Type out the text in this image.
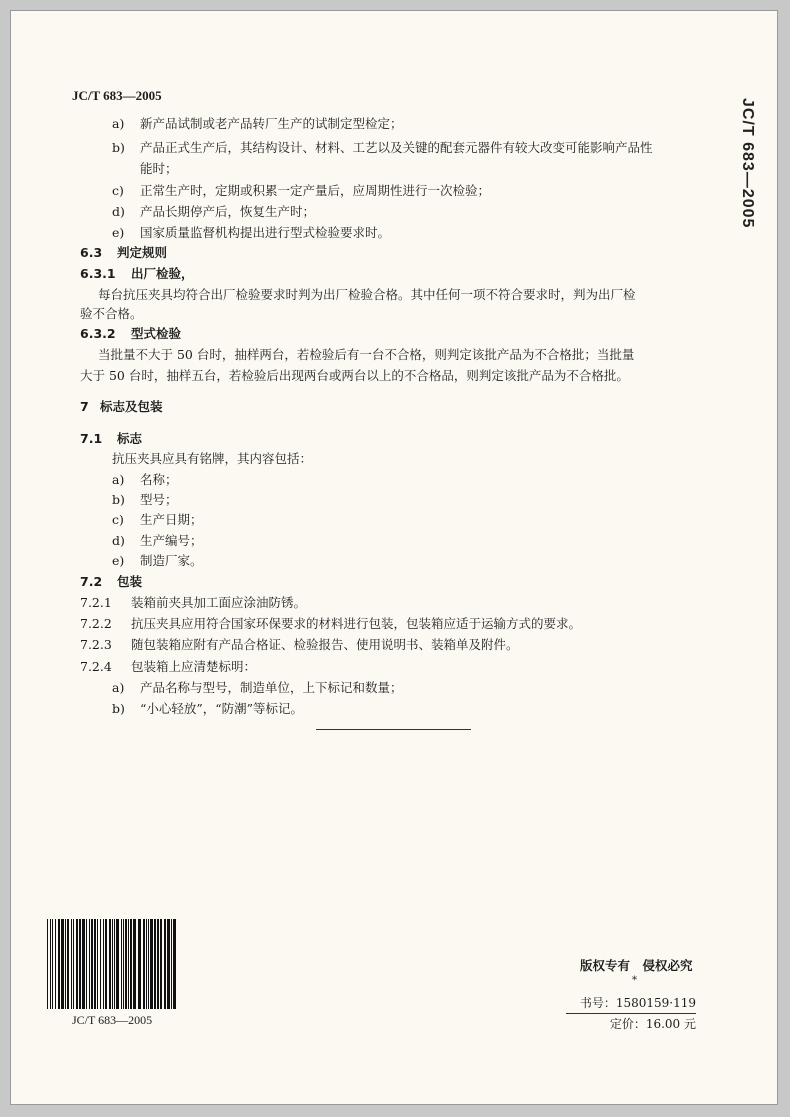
JC/T 683—2005
JC/T 683—2005
a) 新产品试制或老产品转厂生产的试制定型检定；
b) 产品正式生产后，其结构设计、材料、工艺以及关键的配套元器件有较大改变可能影响产品性
能时；
c) 正常生产时，定期或积累一定产量后，应周期性进行一次检验；
d) 产品长期停产后，恢复生产时；
e) 国家质量监督机构提出进行型式检验要求时。
6.3 判定规则
6.3.1 出厂检验，
每台抗压夹具均符合出厂检验要求时判为出厂检验合格。其中任何一项不符合要求时，判为出厂检
验不合格。
6.3.2 型式检验
当批量不大于 50 台时，抽样两台，若检验后有一台不合格，则判定该批产品为不合格批；当批量
大于 50 台时，抽样五台，若检验后出现两台或两台以上的不合格品，则判定该批产品为不合格批。
7 标志及包装
7.1 标志
抗压夹具应具有铭牌，其内容包括：
a) 名称；
b) 型号；
c) 生产日期；
d) 生产编号；
e) 制造厂家。
7.2 包装
7.2.1 装箱前夹具加工面应涂油防锈。
7.2.2 抗压夹具应用符合国家环保要求的材料进行包装，包装箱应适于运输方式的要求。
7.2.3 随包装箱应附有产品合格证、检验报告、使用说明书、装箱单及附件。
7.2.4 包装箱上应清楚标明：
a) 产品名称与型号，制造单位，上下标记和数量；
b) “小心轻放”，“防潮”等标记。
JC/T 683—2005
版权专有　侵权必究
*
书号：1580159·119
定价：16.00 元
